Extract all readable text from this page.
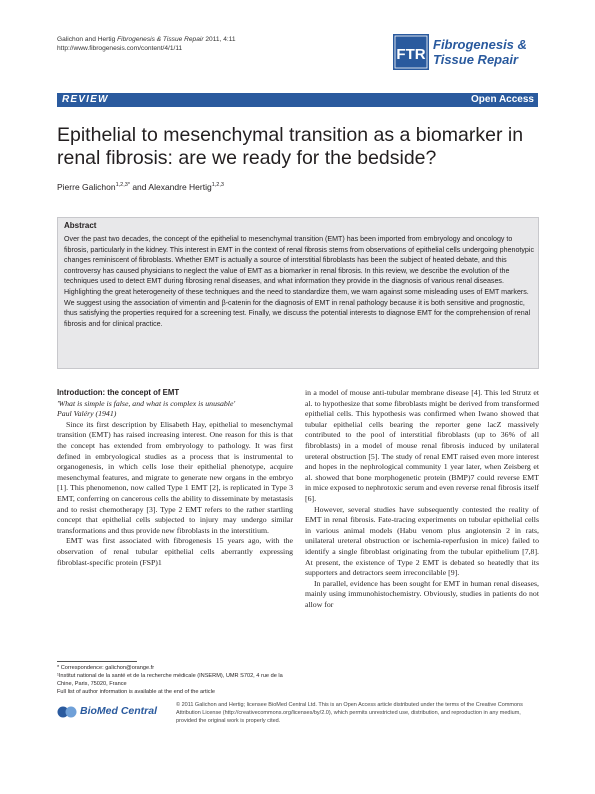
Galichon and Hertig Fibrogenesis & Tissue Repair 2011, 4:11
http://www.fibrogenesis.com/content/4/1/11	FTR
Fibrogenesis &
Tissue Repair
REVIEW	Open Access
Epithelial to mesenchymal transition as a biomarker in renal fibrosis: are we ready for the bedside?
Pierre Galichon$^{1,2,3*}$ and Alexandre Hertig$^{1,2,3}$
Abstract
Over the past two decades, the concept of the epithelial to mesenchymal transition (EMT) has been imported from embryology and oncology to fibrosis, particularly in the kidney. This interest in EMT in the context of renal fibrosis stems from observations of epithelial cells undergoing phenotypic changes reminiscent of fibroblasts. Whether EMT is actually a source of interstitial fibroblasts has been the subject of heated debate, and this controversy has caused physicians to neglect the value of EMT as a biomarker in renal fibrosis. In this review, we describe the evolution of the techniques used to detect EMT during fibrosing renal diseases, and what information they provide in the diagnosis of various renal diseases. Highlighting the great heterogeneity of these techniques and the need to standardize them, we warn against some misleading uses of EMT markers. We suggest using the association of vimentin and β-catenin for the diagnosis of EMT in renal pathology because it is both sensitive and prognostic, thus satisfying the properties required for a screening test. Finally, we discuss the potential interests to diagnose EMT for the comprehension of renal fibrosis and for clinical practice.
Introduction: the concept of EMT
'What is simple is false, and what is complex is unusable'
Paul Valéry (1941)

Since its first description by Elisabeth Hay, epithelial to mesenchymal transition (EMT) has raised increasing interest. One reason for this is that the concept has extended from embryology to pathology. It was first defined in embryological studies as a process that is instrumental to organogenesis, in which cells lose their epithelial phenotype, acquire mesenchymal features, and migrate to generate new organs in the embryo [1]. This phenomenon, now called Type 1 EMT [2], is replicated in Type 3 EMT, conferring on cancerous cells the ability to disseminate by metastasis and to resist chemotherapy [3]. Type 2 EMT refers to the rather startling concept that epithelial cells subjected to injury may undergo similar transformations and thus provide new fibroblasts in the interstitium.

EMT was first associated with fibrogenesis 15 years ago, with the observation of renal tubular epithelial cells aberrantly expressing fibroblast-specific protein (FSP)1

in a model of mouse anti-tubular membrane disease [4]. This led Strutz et al. to hypothesize that some fibroblasts might be derived from transformed epithelial cells. This hypothesis was confirmed when Iwano showed that tubular epithelial cells bearing the reporter gene lacZ massively contributed to the pool of interstitial fibroblasts (up to 36% of all fibroblasts) in a model of mouse renal fibrosis induced by unilateral ureteral obstruction [5]. The study of renal EMT raised even more interest and hopes in the nephrological community 1 year later, when Zeisberg et al. showed that bone morphogenetic protein (BMP)7 could reverse EMT in mice exposed to nephrotoxic serum and even reverse renal fibrosis itself [6].

However, several studies have subsequently contested the reality of EMT in renal fibrosis. Fate-tracing experiments on tubular epithelial cells in various animal models (Habu venom plus angiotensin 2 in rats, unilateral ureteral obstruction or ischemia-reperfusion in mice) failed to identify a single fibroblast originating from the tubular epithelium [7,8]. At present, the existence of Type 2 EMT is debated so heatedly that its supporters and detractors seem irreconcilable [9].

In parallel, evidence has been sought for EMT in human renal diseases, mainly using immunohistochemistry. Obviously, studies in patients do not allow for

* Correspondence: galichon@orange.fr
¹Institut national de la santé et de la recherche médicale (INSERM), UMR S702, 4 rue de la Chine, Paris, 75020, France
Full list of author information is available at the end of the article
BioMed Central	© 2011 Galichon and Hertig; licensee BioMed Central Ltd. This is an Open Access article distributed under the terms of the Creative Commons Attribution License (http://creativecommons.org/licenses/by/2.0), which permits unrestricted use, distribution, and reproduction in any medium, provided the original work is properly cited.
